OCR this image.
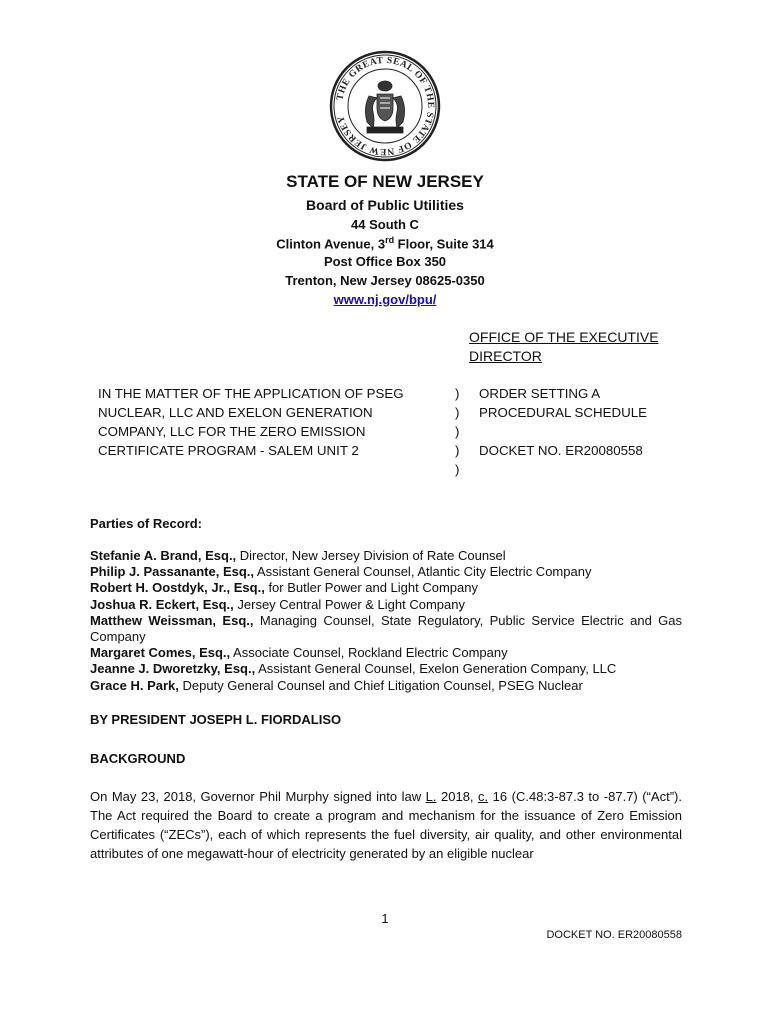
THE GREAT SEAL OF THE STATE OF NEW JERSEY
STATE OF NEW JERSEY
Board of Public Utilities
44 South C
Clinton Avenue, 3rd Floor, Suite 314
Post Office Box 350
Trenton, New Jersey 08625-0350
www.nj.gov/bpu/
OFFICE OF THE EXECUTIVE DIRECTOR
IN THE MATTER OF THE APPLICATION OF PSEG
NUCLEAR, LLC AND EXELON GENERATION
COMPANY, LLC FOR THE ZERO EMISSION
CERTIFICATE PROGRAM - SALEM UNIT 2
)
)
)
)
)
ORDER SETTING A
PROCEDURAL SCHEDULE
DOCKET NO. ER20080558
Parties of Record:
Stefanie A. Brand, Esq., Director, New Jersey Division of Rate Counsel
Philip J. Passanante, Esq., Assistant General Counsel, Atlantic City Electric Company
Robert H. Oostdyk, Jr., Esq., for Butler Power and Light Company
Joshua R. Eckert, Esq., Jersey Central Power & Light Company
Matthew Weissman, Esq., Managing Counsel, State Regulatory, Public Service Electric and Gas Company
Margaret Comes, Esq., Associate Counsel, Rockland Electric Company
Jeanne J. Dworetzky, Esq., Assistant General Counsel, Exelon Generation Company, LLC
Grace H. Park, Deputy General Counsel and Chief Litigation Counsel, PSEG Nuclear
BY PRESIDENT JOSEPH L. FIORDALISO
BACKGROUND
On May 23, 2018, Governor Phil Murphy signed into law L. 2018, c. 16 (C.48:3-87.3 to -87.7) (“Act”). The Act required the Board to create a program and mechanism for the issuance of Zero Emission Certificates (“ZECs”), each of which represents the fuel diversity, air quality, and other environmental attributes of one megawatt-hour of electricity generated by an eligible nuclear
1
DOCKET NO. ER20080558
